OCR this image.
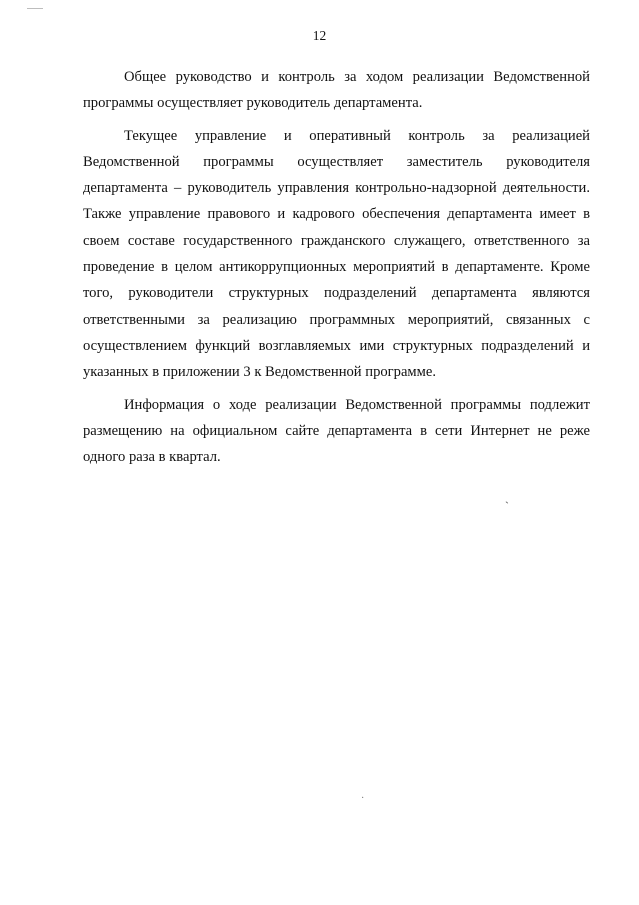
12

Общее руководство и контроль за ходом реализации Ведомственной программы осуществляет руководитель департамента.

Текущее управление и оперативный контроль за реализацией Ведомственной программы осуществляет заместитель руководителя департамента – руководитель управления контрольно-надзорной деятельности. Также управление правового и кадрового обеспечения департамента имеет в своем составе государственного гражданского служащего, ответственного за проведение в целом антикоррупционных мероприятий в департаменте. Кроме того, руководители структурных подразделений департамента являются ответственными за реализацию программных мероприятий, связанных с осуществлением функций возглавляемых ими структурных подразделений и указанных в приложении 3 к Ведомственной программе.

Информация о ходе реализации Ведомственной программы подлежит размещению на официальном сайте департамента в сети Интернет не реже одного раза в квартал.

`
·
